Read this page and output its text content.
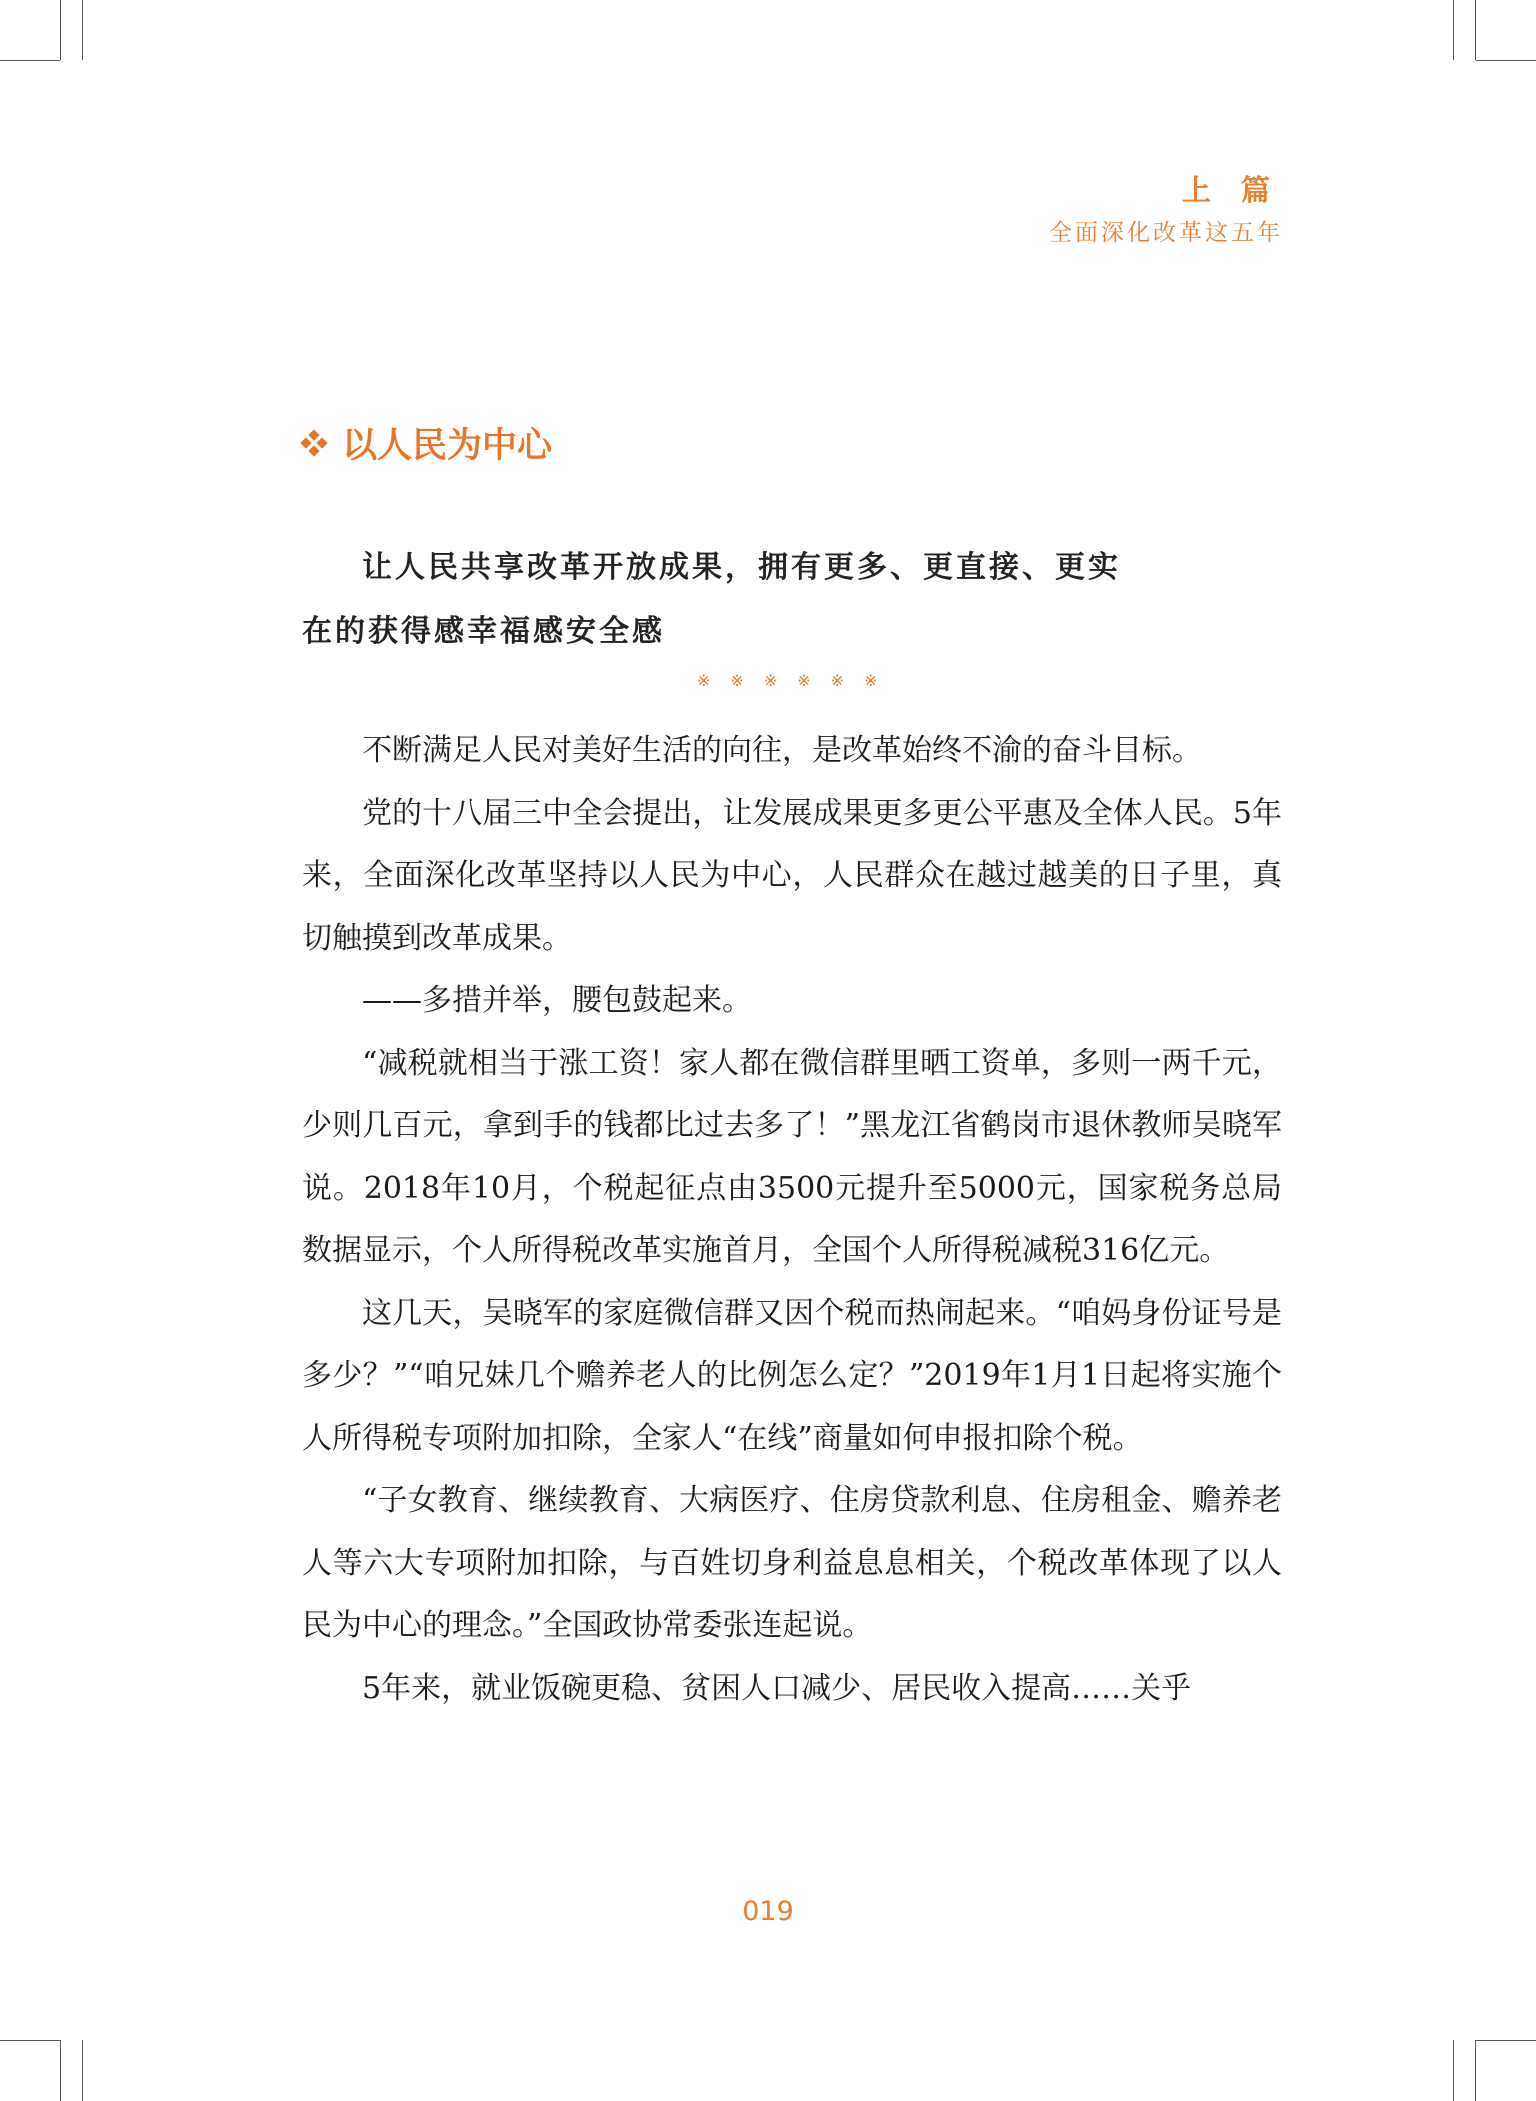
上 篇
全面深化改革这五年
以人民为中心

让人民共享改革开放成果，拥有更多、更直接、更实

在的获得感幸福感安全感

※※※※※※

不断满足人民对美好生活的向往，是改革始终不渝的奋斗目标。

党的十八届三中全会提出，让发展成果更多更公平惠及全体人民。5年来，全面深化改革坚持以人民为中心，人民群众在越过越美的日子里，真切触摸到改革成果。

——多措并举，腰包鼓起来。

“减税就相当于涨工资！家人都在微信群里晒工资单，多则一两千元，少则几百元，拿到手的钱都比过去多了！”黑龙江省鹤岗市退休教师吴晓军说。2018年10月，个税起征点由3500元提升至5000元，国家税务总局数据显示，个人所得税改革实施首月，全国个人所得税减税316亿元。

这几天，吴晓军的家庭微信群又因个税而热闹起来。“咱妈身份证号是多少？”“咱兄妹几个赡养老人的比例怎么定？”2019年1月1日起将实施个人所得税专项附加扣除，全家人“在线”商量如何申报扣除个税。

“子女教育、继续教育、大病医疗、住房贷款利息、住房租金、赡养老人等六大专项附加扣除，与百姓切身利益息息相关，个税改革体现了以人民为中心的理念。”全国政协常委张连起说。

5年来，就业饭碗更稳、贫困人口减少、居民收入提高……关乎

019
